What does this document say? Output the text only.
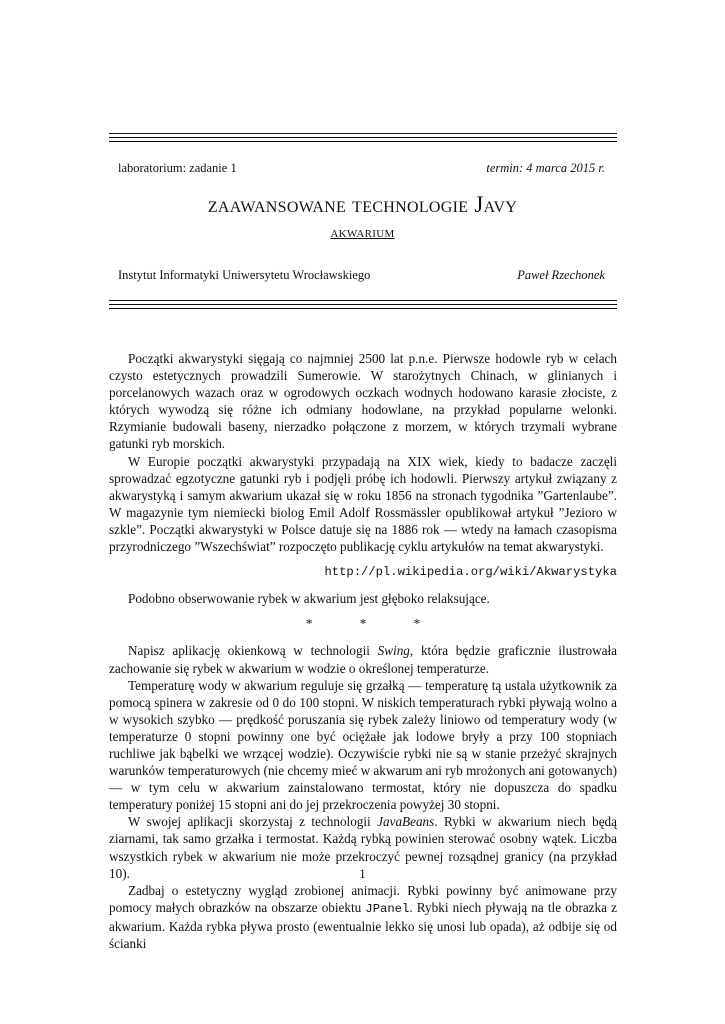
laboratorium: zadanie 1	termin: 4 marca 2015 r.
zaawansowane technologie Javy
AKWARIUM
Instytut Informatyki Uniwersytetu Wrocławskiego	Paweł Rzechonek

Początki akwarystyki sięgają co najmniej 2500 lat p.n.e. Pierwsze hodowle ryb w celach czysto estetycznych prowadzili Sumerowie. W starożytnych Chinach, w glinianych i porcelanowych wazach oraz w ogrodowych oczkach wodnych hodowano karasie złociste, z których wywodzą się różne ich odmiany hodowlane, na przykład popularne welonki. Rzymianie budowali baseny, nierzadko połączone z morzem, w których trzymali wybrane gatunki ryb morskich.

W Europie początki akwarystyki przypadają na XIX wiek, kiedy to badacze zaczęli sprowadzać egzotyczne gatunki ryb i podjęli próbę ich hodowli. Pierwszy artykuł związany z akwarystyką i samym akwarium ukazał się w roku 1856 na stronach tygodnika ”Gartenlaube”. W magazynie tym niemiecki biolog Emil Adolf Rossmässler opublikował artykuł ”Jezioro w szkle”. Początki akwarystyki w Polsce datuje się na 1886 rok — wtedy na łamach czasopisma przyrodniczego ”Wszechświat” rozpoczęto publikację cyklu artykułów na temat akwarystyki.

http://pl.wikipedia.org/wiki/Akwarystyka

Podobno obserwowanie rybek w akwarium jest głęboko relaksujące.

* * *

Napisz aplikację okienkową w technologii Swing, która będzie graficznie ilustrowała zachowanie się rybek w akwarium w wodzie o określonej temperaturze.

Temperaturę wody w akwarium reguluje się grzałką — temperaturę tą ustala użytkownik za pomocą spinera w zakresie od 0 do 100 stopni. W niskich temperaturach rybki pływają wolno a w wysokich szybko — prędkość poruszania się rybek zależy liniowo od temperatury wody (w temperaturze 0 stopni powinny one być ociężałe jak lodowe bryły a przy 100 stopniach ruchliwe jak bąbelki we wrzącej wodzie). Oczywiście rybki nie są w stanie przeżyć skrajnych warunków temperaturowych (nie chcemy mieć w akwarum ani ryb mrożonych ani gotowanych) — w tym celu w akwarium zainstalowano termostat, który nie dopuszcza do spadku temperatury poniżej 15 stopni ani do jej przekroczenia powyżej 30 stopni.

W swojej aplikacji skorzystaj z technologii JavaBeans. Rybki w akwarium niech będą ziarnami, tak samo grzałka i termostat. Każdą rybką powinien sterować osobny wątek. Liczba wszystkich rybek w akwarium nie może przekroczyć pewnej rozsądnej granicy (na przykład 10).

Zadbaj o estetyczny wygląd zrobionej animacji. Rybki powinny być animowane przy pomocy małych obrazków na obszarze obiektu JPanel. Rybki niech pływają na tle obrazka z akwarium. Każda rybka pływa prosto (ewentualnie lekko się unosi lub opada), aż odbije się od ścianki

1
